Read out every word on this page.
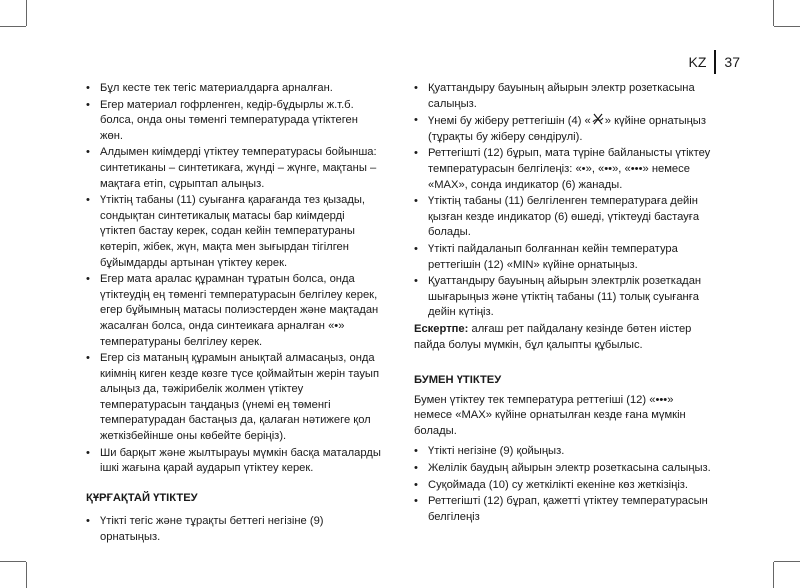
KZ	37
• Бұл кесте тек тегіс материалдарға арналған.
• Егер материал гофрленген, кедір-бұдырлы ж.т.б. болса, онда оны төменгі температурада үтіктеген жөн.
• Алдымен киімдерді үтіктеу температурасы бойынша: синтетиканы – синтетикаға, жүнді – жүнге, мақтаны – мақтаға етіп, сұрыптап алыңыз.
• Үтіктің табаны (11) суығанға қарағанда тез қызады, сондықтан синтетикалық матасы бар киімдерді үтіктеп бастау керек, содан кейін температураны көтеріп, жібек, жүн, мақта мен зығырдан тігілген бұйымдарды артынан үтіктеу керек.
• Егер мата аралас құрамнан тұратын болса, онда үтіктеудің ең төменгі температурасын белгілеу керек, егер бұйымның матасы полиэстерден және мақтадан жасалған болса, онда синтеикаға арналған «•» температураны белгілеу керек.
• Егер сіз матаның құрамын анықтай алмасаңыз, онда киімнің киген кезде көзге түсе қоймайтын жерін тауып алыңыз да, тәжірибелік жолмен үтіктеу температурасын таңдаңыз (үнемі ең төменгі температурадан бастаңыз да, қалаған нәтижеге қол жеткізбейінше оны көбейте беріңіз).
• Ши барқыт және жылтырауы мүмкін басқа маталарды ішкі жағына қарай аударып үтіктеу керек.
ҚҰРҒАҚТАЙ ҮТІКТЕУ
• Үтікті тегіс және тұрақты беттегі негізіне (9) орнатыңыз.
• Қуаттандыру бауының айырын электр розеткасына салыңыз.
• Үнемі бу жіберу реттегішін (4) « » күйіне орнатыңыз (тұрақты бу жіберу сөндірулі).
• Реттегішті (12) бұрып, мата түріне байланысты үтіктеу температурасын белгілеңіз: «•», «••», «•••» немесе «MAX», сонда индикатор (6) жанады.
• Үтіктің табаны (11) белгіленген температураға дейін қызған кезде индикатор (6) өшеді, үтіктеуді бастауға болады.
• Үтікті пайдаланып болғаннан кейін температура реттегішін (12) «MIN» күйіне орнатыңыз.
• Қуаттандыру бауының айырын электрлік розеткадан шығарыңыз және үтіктің табаны (11) толық суығанға дейін күтіңіз.

Ескертпе: алғаш рет пайдалану кезінде бөтен иістер пайда болуы мүмкін, бұл қалыпты құбылыс.

БУМЕН ҮТІКТЕУ

Бумен үтіктеу тек температура реттегіші (12) «•••» немесе «MAX» күйіне орнатылған кезде ғана мүмкін болады.

• Үтікті негізіне (9) қойыңыз.
• Желілік баудың айырын электр розеткасына салыңыз.
• Суқоймада (10) су жеткілікті екеніне көз жеткізіңіз.
• Реттегішті (12) бұрап, қажетті үтіктеу температурасын белгілеңіз
